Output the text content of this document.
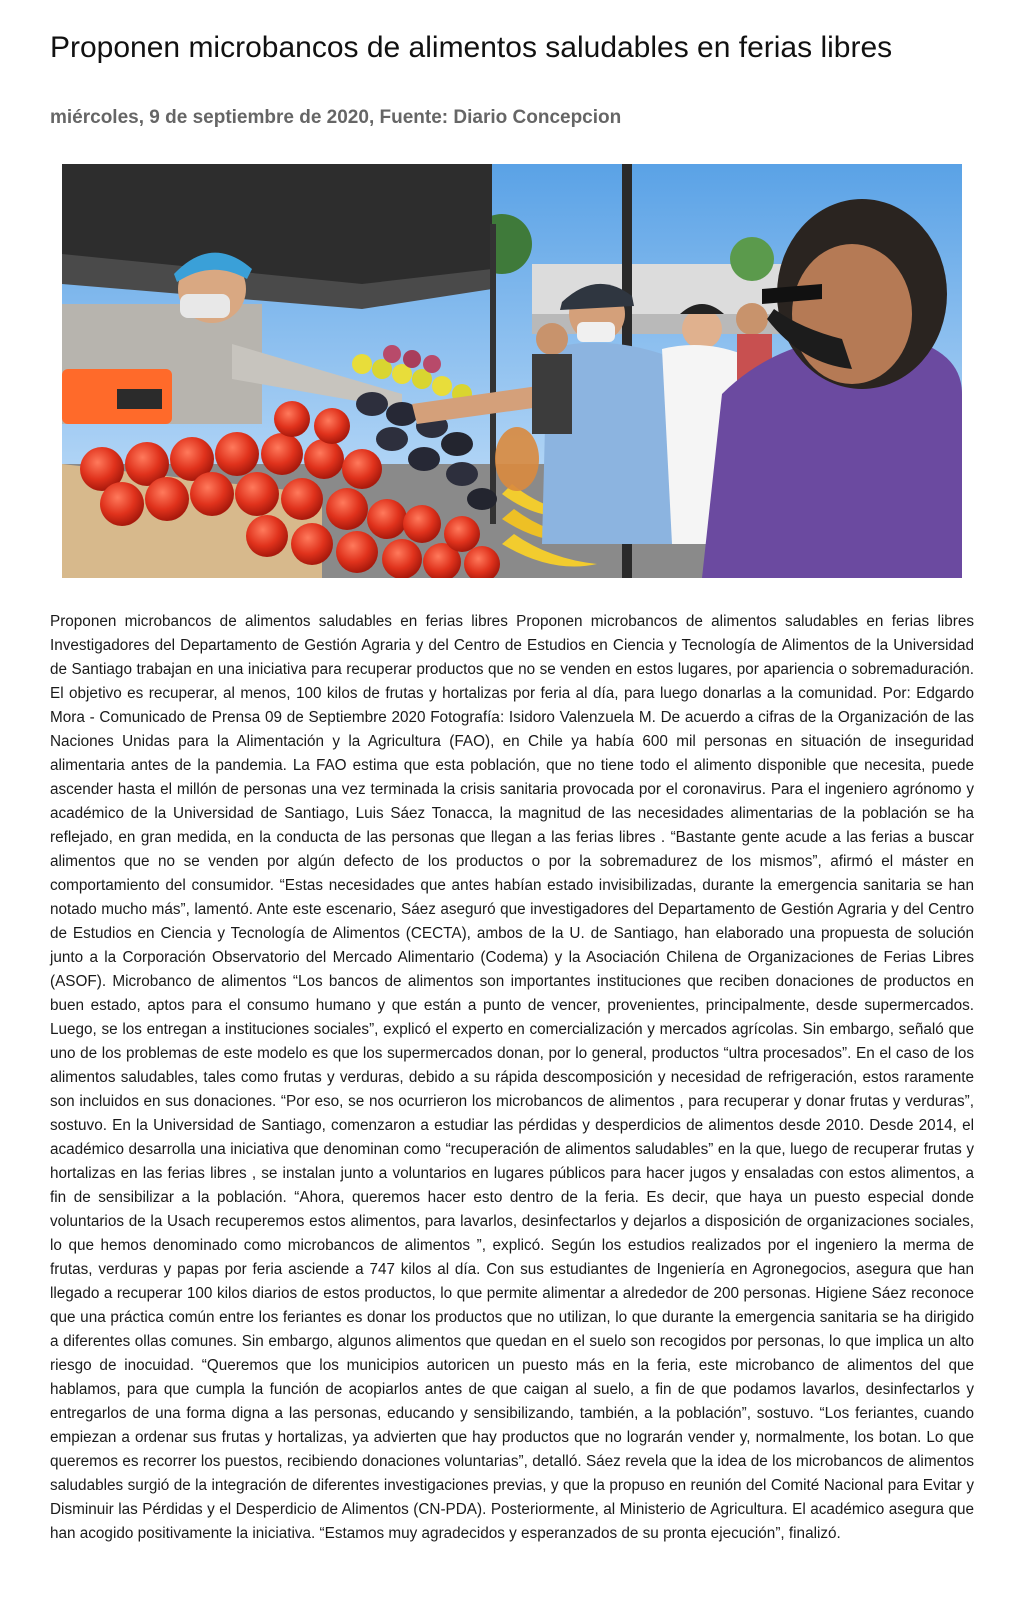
Proponen microbancos de alimentos saludables en ferias libres
miércoles, 9 de septiembre de 2020, Fuente: Diario Concepcion

Proponen microbancos de alimentos saludables en ferias libres Proponen microbancos de alimentos saludables en ferias libres Investigadores del Departamento de Gestión Agraria y del Centro de Estudios en Ciencia y Tecnología de Alimentos de la Universidad de Santiago trabajan en una iniciativa para recuperar productos que no se venden en estos lugares, por apariencia o sobremaduración. El objetivo es recuperar, al menos, 100 kilos de frutas y hortalizas por feria al día, para luego donarlas a la comunidad. Por: Edgardo Mora - Comunicado de Prensa 09 de Septiembre 2020 Fotografía: Isidoro Valenzuela M. De acuerdo a cifras de la Organización de las Naciones Unidas para la Alimentación y la Agricultura (FAO), en Chile ya había 600 mil personas en situación de inseguridad alimentaria antes de la pandemia. La FAO estima que esta población, que no tiene todo el alimento disponible que necesita, puede ascender hasta el millón de personas una vez terminada la crisis sanitaria provocada por el coronavirus. Para el ingeniero agrónomo y académico de la Universidad de Santiago, Luis Sáez Tonacca, la magnitud de las necesidades alimentarias de la población se ha reflejado, en gran medida, en la conducta de las personas que llegan a las ferias libres . “Bastante gente acude a las ferias a buscar alimentos que no se venden por algún defecto de los productos o por la sobremadurez de los mismos”, afirmó el máster en comportamiento del consumidor. “Estas necesidades que antes habían estado invisibilizadas, durante la emergencia sanitaria se han notado mucho más”, lamentó. Ante este escenario, Sáez aseguró que investigadores del Departamento de Gestión Agraria y del Centro de Estudios en Ciencia y Tecnología de Alimentos (CECTA), ambos de la U. de Santiago, han elaborado una propuesta de solución junto a la Corporación Observatorio del Mercado Alimentario (Codema) y la Asociación Chilena de Organizaciones de Ferias Libres (ASOF). Microbanco de alimentos “Los bancos de alimentos son importantes instituciones que reciben donaciones de productos en buen estado, aptos para el consumo humano y que están a punto de vencer, provenientes, principalmente, desde supermercados. Luego, se los entregan a instituciones sociales”, explicó el experto en comercialización y mercados agrícolas. Sin embargo, señaló que uno de los problemas de este modelo es que los supermercados donan, por lo general, productos “ultra procesados”. En el caso de los alimentos saludables, tales como frutas y verduras, debido a su rápida descomposición y necesidad de refrigeración, estos raramente son incluidos en sus donaciones. “Por eso, se nos ocurrieron los microbancos de alimentos , para recuperar y donar frutas y verduras”, sostuvo. En la Universidad de Santiago, comenzaron a estudiar las pérdidas y desperdicios de alimentos desde 2010. Desde 2014, el académico desarrolla una iniciativa que denominan como “recuperación de alimentos saludables” en la que, luego de recuperar frutas y hortalizas en las ferias libres , se instalan junto a voluntarios en lugares públicos para hacer jugos y ensaladas con estos alimentos, a fin de sensibilizar a la población. “Ahora, queremos hacer esto dentro de la feria. Es decir, que haya un puesto especial donde voluntarios de la Usach recuperemos estos alimentos, para lavarlos, desinfectarlos y dejarlos a disposición de organizaciones sociales, lo que hemos denominado como microbancos de alimentos ”, explicó. Según los estudios realizados por el ingeniero la merma de frutas, verduras y papas por feria asciende a 747 kilos al día. Con sus estudiantes de Ingeniería en Agronegocios, asegura que han llegado a recuperar 100 kilos diarios de estos productos, lo que permite alimentar a alrededor de 200 personas. Higiene Sáez reconoce que una práctica común entre los feriantes es donar los productos que no utilizan, lo que durante la emergencia sanitaria se ha dirigido a diferentes ollas comunes. Sin embargo, algunos alimentos que quedan en el suelo son recogidos por personas, lo que implica un alto riesgo de inocuidad. “Queremos que los municipios autoricen un puesto más en la feria, este microbanco de alimentos del que hablamos, para que cumpla la función de acopiarlos antes de que caigan al suelo, a fin de que podamos lavarlos, desinfectarlos y entregarlos de una forma digna a las personas, educando y sensibilizando, también, a la población”, sostuvo. “Los feriantes, cuando empiezan a ordenar sus frutas y hortalizas, ya advierten que hay productos que no lograrán vender y, normalmente, los botan. Lo que queremos es recorrer los puestos, recibiendo donaciones voluntarias”, detalló. Sáez revela que la idea de los microbancos de alimentos saludables surgió de la integración de diferentes investigaciones previas, y que la propuso en reunión del Comité Nacional para Evitar y Disminuir las Pérdidas y el Desperdicio de Alimentos (CN-PDA). Posteriormente, al Ministerio de Agricultura. El académico asegura que han acogido positivamente la iniciativa. “Estamos muy agradecidos y esperanzados de su pronta ejecución”, finalizó.
